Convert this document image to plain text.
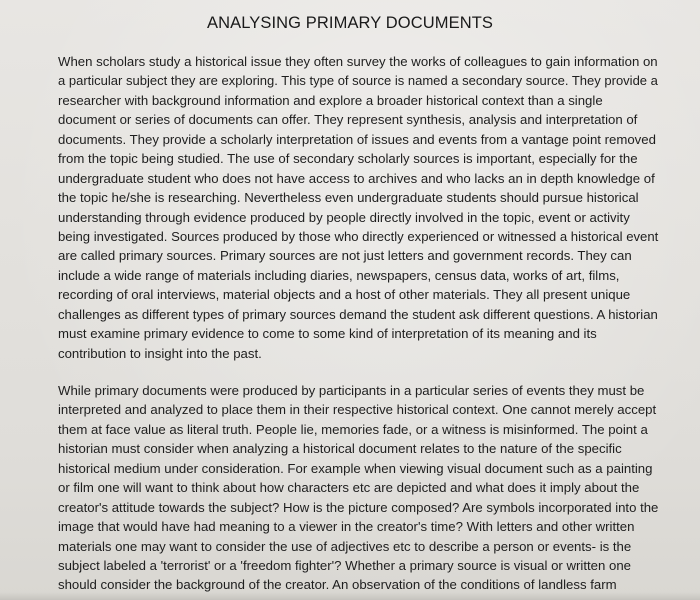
ANALYSING PRIMARY DOCUMENTS
When scholars study a historical issue they often survey the works of colleagues to gain information on
a particular subject they are exploring. This type of source is named a secondary source. They provide a
researcher with background information and explore a broader historical context than a single
document or series of documents can offer. They represent synthesis, analysis and interpretation of
documents. They provide a scholarly interpretation of issues and events from a vantage point removed
from the topic being studied. The use of secondary scholarly sources is important, especially for the
undergraduate student who does not have access to archives and who lacks an in depth knowledge of
the topic he/she is researching. Nevertheless even undergraduate students should pursue historical
understanding through evidence produced by people directly involved in the topic, event or activity
being investigated. Sources produced by those who directly experienced or witnessed a historical event
are called primary sources. Primary sources are not just letters and government records. They can
include a wide range of materials including diaries, newspapers, census data, works of art, films,
recording of oral interviews, material objects and a host of other materials. They all present unique
challenges as different types of primary sources demand the student ask different questions. A historian
must examine primary evidence to come to some kind of interpretation of its meaning and its
contribution to insight into the past.
While primary documents were produced by participants in a particular series of events they must be
interpreted and analyzed to place them in their respective historical context. One cannot merely accept
them at face value as literal truth. People lie, memories fade, or a witness is misinformed. The point a
historian must consider when analyzing a historical document relates to the nature of the specific
historical medium under consideration. For example when viewing visual document such as a painting
or film one will want to think about how characters etc are depicted and what does it imply about the
creator's attitude towards the subject? How is the picture composed? Are symbols incorporated into the
image that would have had meaning to a viewer in the creator's time? With letters and other written
materials one may want to consider the use of adjectives etc to describe a person or events- is the
subject labeled a 'terrorist' or a 'freedom fighter'? Whether a primary source is visual or written one
should consider the background of the creator. An observation of the conditions of landless farm
